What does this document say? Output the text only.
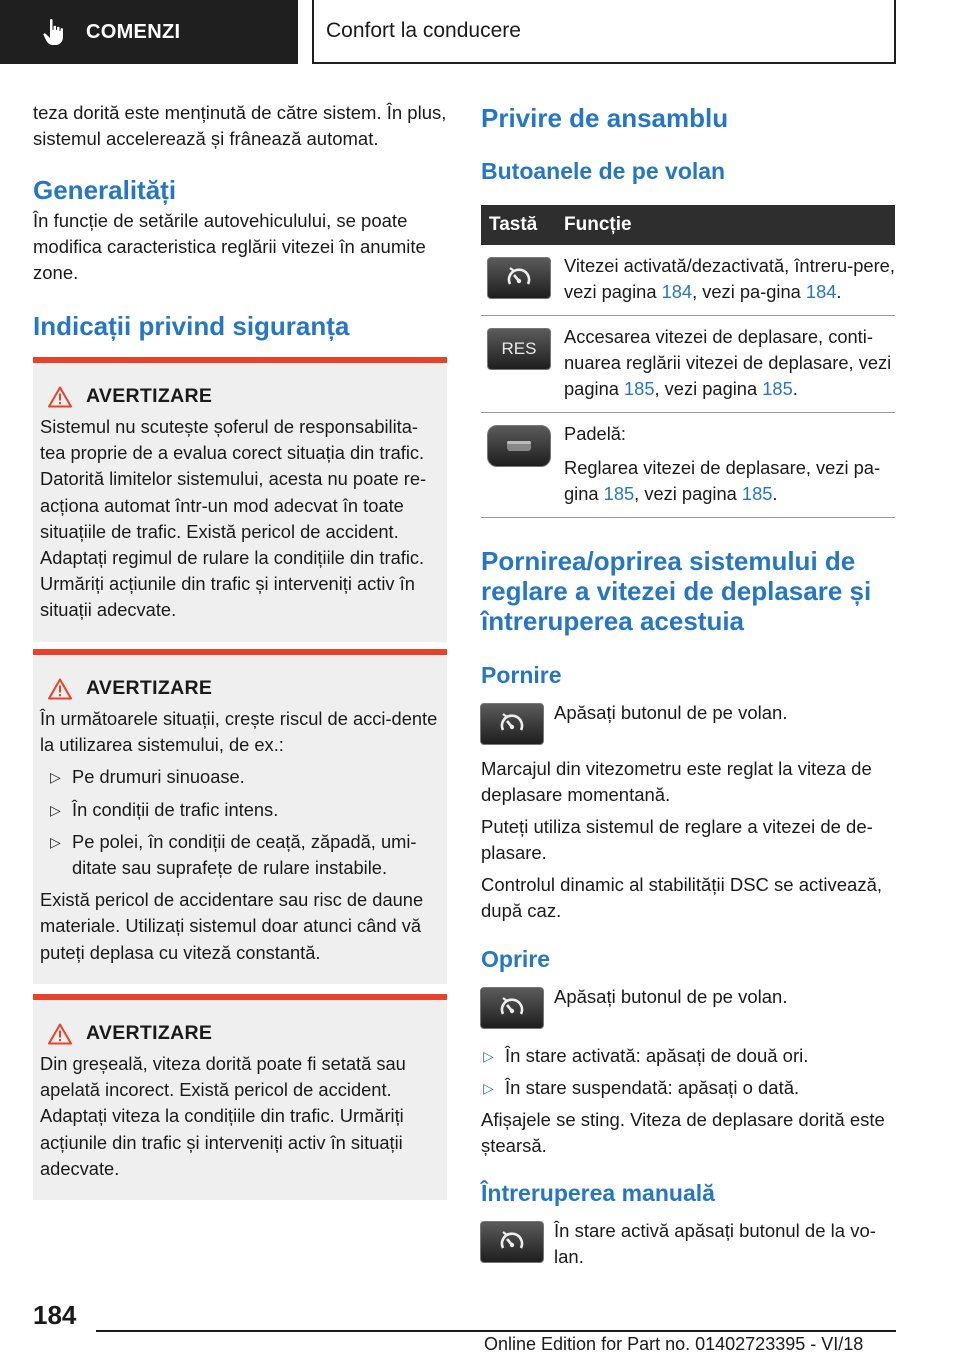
COMENZI	Confort la conducere
teza dorită este menținută de către sistem. În plus, sistemul accelerează și frânează automat.
Generalități
În funcție de setările autovehiculului, se poate modifica caracteristica reglării vitezei în anumite zone.
Indicații privind siguranța
AVERTIZARE
Sistemul nu scutește șoferul de responsabilita-tea proprie de a evalua corect situația din trafic. Datorită limitelor sistemului, acesta nu poate re-acționa automat într-un mod adecvat în toate situațiile de trafic. Există pericol de accident. Adaptați regimul de rulare la condițiile din trafic. Urmăriți acțiunile din trafic și interveniți activ în situații adecvate.
AVERTIZARE
În următoarele situații, crește riscul de acci-dente la utilizarea sistemului, de ex.:
▷ Pe drumuri sinuoase.
▷ În condiții de trafic intens.
▷ Pe polei, în condiții de ceață, zăpadă, umi-ditate sau suprafețe de rulare instabile.
Există pericol de accidentare sau risc de daune materiale. Utilizați sistemul doar atunci când vă puteți deplasa cu viteză constantă.
AVERTIZARE
Din greșeală, viteza dorită poate fi setată sau apelată incorect. Există pericol de accident. Adaptați viteza la condițiile din trafic. Urmăriți acțiunile din trafic și interveniți activ în situații adecvate.
Privire de ansamblu
Butoanele de pe volan
Tastă	Funcție

	Vitezei activată/dezactivată, întreru-pere, vezi pagina 184, vezi pa-gina 184.

RES	Accesarea vitezei de deplasare, conti-nuarea reglării vitezei de deplasare, vezi pagina 185, vezi pagina 185.

Padelă:
Reglarea vitezei de deplasare, vezi pa-gina 185, vezi pagina 185.
Pornirea/oprirea sistemului de reglare a vitezei de deplasare și întreruperea acestuia
Pornire
Apăsați butonul de pe volan.
Marcajul din vitezometru este reglat la viteza de deplasare momentană.
Puteți utiliza sistemul de reglare a vitezei de de-plasare.
Controlul dinamic al stabilității DSC se activează, după caz.
Oprire
Apăsați butonul de pe volan.
▷ În stare activată: apăsați de două ori.
▷ În stare suspendată: apăsați o dată.
Afișajele se sting. Viteza de deplasare dorită este ștearsă.
Întreruperea manuală
În stare activă apăsați butonul de la vo-lan.
184
Online Edition for Part no. 01402723395 - VI/18
